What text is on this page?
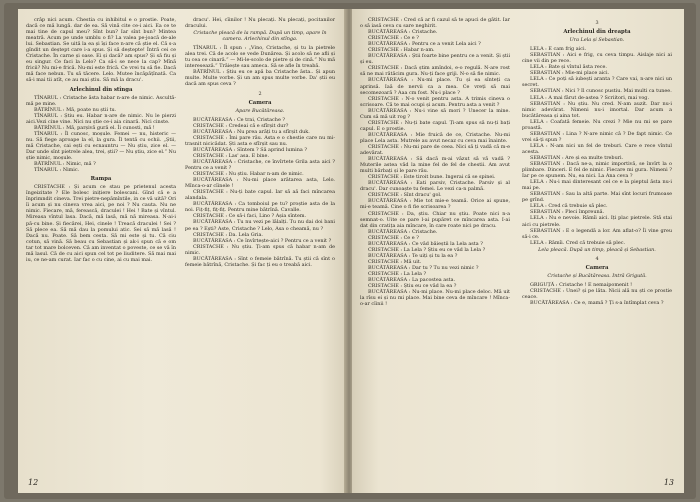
crâp nici acum. Chestia cu inhibitul e o prostie. Poate, dacă ce mă lungă. dar de ea. Să vină cite ce-i aici. Ea ce te mai tine de capul meu? Sînt bun? Iar sînt bun? Mintea meatră. Acum pe unde umblu o fi? La valea pe-joacă de-ale lui. Sebastian. Se uită la ea și își face n-are că știe el. Că s-a gîndit un deștept care i-a spus. Și să deștepte! Întră cei ce Cristache. În carne și oase. Ei și dacă? am spus? Și să fiu și eu singur. Ce faci la Lelo? Ca să-i se nece la cap? Mînă fricii? Nu mi-e frică. Nu-mi este frică. Ce vrei tu să fie. Dacă mă face nebun. Tu să tăcere. Lelo. Mutee încăpățînată. Ca să-i mai tii atît, ce au mai știu. Să mă la dracu'.

Arlechinul din stînga

TÎNARUL : Cristache ăsta habar n-are de nimic. Ascultă-mă pe mine.

BĂTRÎNUL : Mă, poate nu știi tu.

TÎNARUL : Știu eu. Habar n-are de nimic. Nu le pierzi aici.Vezi cine vine. Nici nu știe ce-i aia cinară. Nici cinste.

BĂTRÎNUL : Mă, parșivă gură el. Îi cunosti, mă !

TÎNARUL : Îl cunosc, moșule. Femei — nu, histeric — nu. Să fiege aproape la el, la gura. Îl tentă cu ochii. „Știi, mă Cristache, cai ești cu ecnauntru — Nu știu, zice el. — Dar unde sînt pietrele alea, trei, știi? — Nu știu, zice el.” Nu știe nimic, moșule.

BĂTRÎNUL : Nimic, mă ?

TÎNARUL : Nimic.

Rampa

CRISTACHE : Și acum ce stau pe prietenul acesta îngeizitate ? Ele bolesc inițiere bolescani. Gînd că e a înprimndit cineva. Trei pietre-nepămîntile, in ce vă uită? Ori îi acum și nu cineva vrea aici, pe noi ? Nu cauta. Nu ne nimic. Fiecare, mă, ferească, draculei ! Hei ! Bate și vîntul. Mireasa vîntul lasa. Dacă, mă lasă, mă nă mireasa. N-ai-i pă-cu bine. Și fiecărei, Hei, cinele ! Treacă draculei ! Sei ? Să plece ea. Să mă dau la pomului atic. Sei să mă lasă ! Dacă nu. Poate. Să bem cesta. Să mi este și tu. Că ciu cotun, să vină. Să beau cu Sebastian și ak-i spun că e om tar tot mare bolceven. Că am inventat o poveste, ce se vă în mă lasul. Că de cu aici spun cel tot pe liuditere. Să mai mai iu, ce ne-am curat. Iar fac o cu cine, ai cu mai mai.

dracu'. Hei, cîinilor ! Nu plecați. Nu plecați, pocitanilor dracului.

Cristache pleacă de la rampă. După un timp, apare în camera. Arlechinul din stînga.

TÎNARUL : Îl spun : „Vino, Cristache, și tu la pietrele alea trei. Că de acolo se vede Dunărea. Și acolo să ne afli și tu cea ce cinară.” — Mi-le-scolo de pietre și de cină.” Nu mă interesează.” Trăiește sau ameca. Să se afle în treabă.

BĂTRÎNUL : Știu eu ce apă ba Cristache ăsta.. Și apun multe. Multe vorbe. Și un am spus multe vorbe. Da' știi eu dacă am spus ceva ?

2

Camera

Apare Bucătăreasa.

BUCĂTĂREASA : Ce trai, Cristache ?

CRISTACHE : Credeai că e sfîrșit dur?

BUCĂTĂREASA : Nu prea arăți tu a sfîrșit duk.

CRISTACHE : Îmi pare rău. Asta e o chestie care nu mi-trasnit nicicădat. Ști asta e sfîrșit sau nu.

BUCĂTĂREASA : Sîntem ? Să aprind lumina ?

CRISTACHE : Las' asa. E bine.

BUCĂTĂREASA : Cristache, ce învîrtete Grila asta aici ? Pentru ce a venit ?

CRISTACHE : Nu știu. Habar n-am de nimic.

BUCĂTĂREASA : Nu-mi place arătarea asta, Lelo. Mînca-o-ar cîinele !

CRISTACHE : Nu-ți bate capul. Iar să aă faci mîncarea alandala.

BUCĂTĂREASA : Ca tomboiul pe tu? proștie asta de la noi. Fiț-fiț, fiț-fiț. Pentru mine bătrînă. Cavalle.

CRISTACHE : Ce să-i faci, Lino ? Așia sîntem.

BUCĂTĂREASA : Tu nu vezi pe lălalți. Tu nu dai doi bani pe ea ? Ești? Aste, Cristache ? Lelo, Asa o cheamă, nu ?

CRISTACHE : Da. Lela Gria.

BUCĂTĂREASA : Ce învîrtește-aici ? Pentru ce a venit ?

CRISTACHE : Nu știu. Ți-am spus că habar n-am de nimic.

BUCĂTĂREASA : Sînt o femeie bătrînă. Tu știi că sînt o femeie bătrînă, Cristache. Și fac ți eu o treabă aici.

12

CRISTACHE : Cred că ar fi cazul să te apuci de gătit. Iar o să iasă ceva cu sare neghirit.

BUCĂTĂREASA : Cristache.

CRISTACHE : Ce e ?

BUCĂTĂREASA : Pentru ce a venit Lela aici ?

CRISTACHE : Habar n-am.

BUCĂTĂREASA : Știi foarte bine pentru ce a venit. Și știi și eu.

CRISTACHE : Dacă știm amîndoi, e-o regulă. N-are rost să ne mai rătăcim gura. Nu-ți face griji. N-o să fie nimic.

BUCĂTĂREASA : Nu-mi place. Tu și ea sînteți ca aprinsă. Iaă de nervii ca a mea. Ce vreți să mai secomezoară ? Aaa cm fost. Nu-i place ?

CRISTACHE : N-o venit pentru asta. A trimis cineva o scrisoare. Că te mai ocupi și acum. Pentru asta a venit ?

BUCĂTĂREASA : Nu-i vine să mori ? Unecer la mine. Cum să mă uit rog ?

CRISTACHE : Nu-ți bate capul. Ți-am spus să nu-ți bați capul. E o prostie.

BUCĂTĂREASA : Mie fruică de ce, Cristache. Nu-mi place Lela asta. Mutrele au avut necaz cu ceva mai înainte.

CRISTACHE : Nu-mi pare de ceea. Nici să ți vadă că m-e adevărat.

BUCĂTĂREASA : Să dacă m-ai văzut să vă vadă ? Muterile astea văd la mine fel de fel de chestii. Am avut multi bărbați și le pare rău.

CRISTACHE : Este tiroit bune. Ingerai că se spinei.

BUCĂTĂREASA : Eati parsiv, Cristache. Parsiv și al dracu'. Dar cunoaște tu femei. Le vezi ca-n palmă.

CRISTACHE : Sînt dracu' gol.

BUCĂTĂREASA : Mie tot mie-e teamă. Orice ai spune, mi-e teamă. Cine o fi fie scrisoarea ?

CRISTACHE : Da, știu. Chiar nu știu. Poate nici n-a semnat-o. Uite ce pare l-ai pupăret ce mîncarea asta. I-ai dat din cratița aia mîncare, în care roate nici pe dracu.

BUCĂTĂREASA : Cristache.

CRISTACHE : Ce e ?

BUCĂTĂREASA : Ce văd băieștii la Lela asta ?

CRISTACHE : La Lela ? Știu eu ce văd la Lela ?

BUCĂTĂREASA : Te uiți și tu la ea ?

CRISTACHE : Mă uit.

BUCĂTĂREASA : Dar tu ? Tu nu vezi nimic ?

CRISTACHE : La Lela ?

BUCĂTĂREASA : La pacostea asta.

CRISTACHE : Știu eu ce văd la ea ?

BUCĂTĂREASA : Nu-mi place. Nu-mi place deloc. Mă uit la rîsu ei și nu mi place. Mai bine ceva de mîncare ! Mînca-o-ar cîinii !

3

Arlechinul din dreapta

Ura Lela și Sebastian.

LELA : E cam frig aici.

SEBASTIAN : Aici e frig, cu ceva timpu. Aislaje nici ai cine vii din pe rece.

LELA : Bate și vîntul ăsta rece.

SEBASTIAN : Mie-mi place aici.

LELA : Ce poți să iubești aranta ? Care vai, n-are nici un secret.

SEBASTIAN : Nici ? Il cunosc pustiu. Mai multi ca tunee.

LELA : A mai fărut de-astea ? Scriitori, mai vog.

SEBASTIAN : Nu știu. Nu cred. N-am auzit. Dar nu-i nimic adevărat. Nimeni nu-i imortal. Dar acum a bucătăreasa și aina tot.

LELA : Coafată femeie. Nu crezi ? Mie nu mi se pare proastă.

SEBASTIAN : Lina ? N-are nimic câ ? De fapt nimic. Ce vrei să-ți spun ?

LELA : N-am nici un fel de treburi. Care e rece vîntul acesta.

SEBASTIAN : Are și ea multe treburi.

SEBASTIAN : Dacă ne-a, nimic importivă, se învîrt la o plimbare. Dinceri. E fel de nimic. Fiecare mi gura. Nimeni ? Iar pe ce spunem. Nu, ea nici. La Ana ceva ?

LELA : Nu-i mai dinteresant cel ce e la pieptul ăsta nu-i mai pe.

SEBASTIAN : Sau la altă parte. Mai sînt locuri frumoase pe grînd.

LELA : Cred că trebuie să plec.

SEBASTIAN : Pleci împreună.

LELA : Nu e nevoie. Rămîi aici. Iți plac pietrele. Stă stai aici cu pietrele.

SEBASTIAN : E o legendă a lor. Am aflat-o? Îi vine greu să-i ce.

LELA : Rămîi. Cred că trebuie să plec.

Lela pleacă. După un timp, pleacă și Sebastian.

4

Camera

Cristache și Bucătăreasa. Intră Grigută.

GRIGUȚĂ : Cristache ! E nemaipomenit !

CRISTACHE : Unei? și pe lăta. Nicii ală nu ști ce prostie ceace.

BUCĂTĂREASA : Ce e, mamă ? Ți s-a întîmplat ceva ?

13
